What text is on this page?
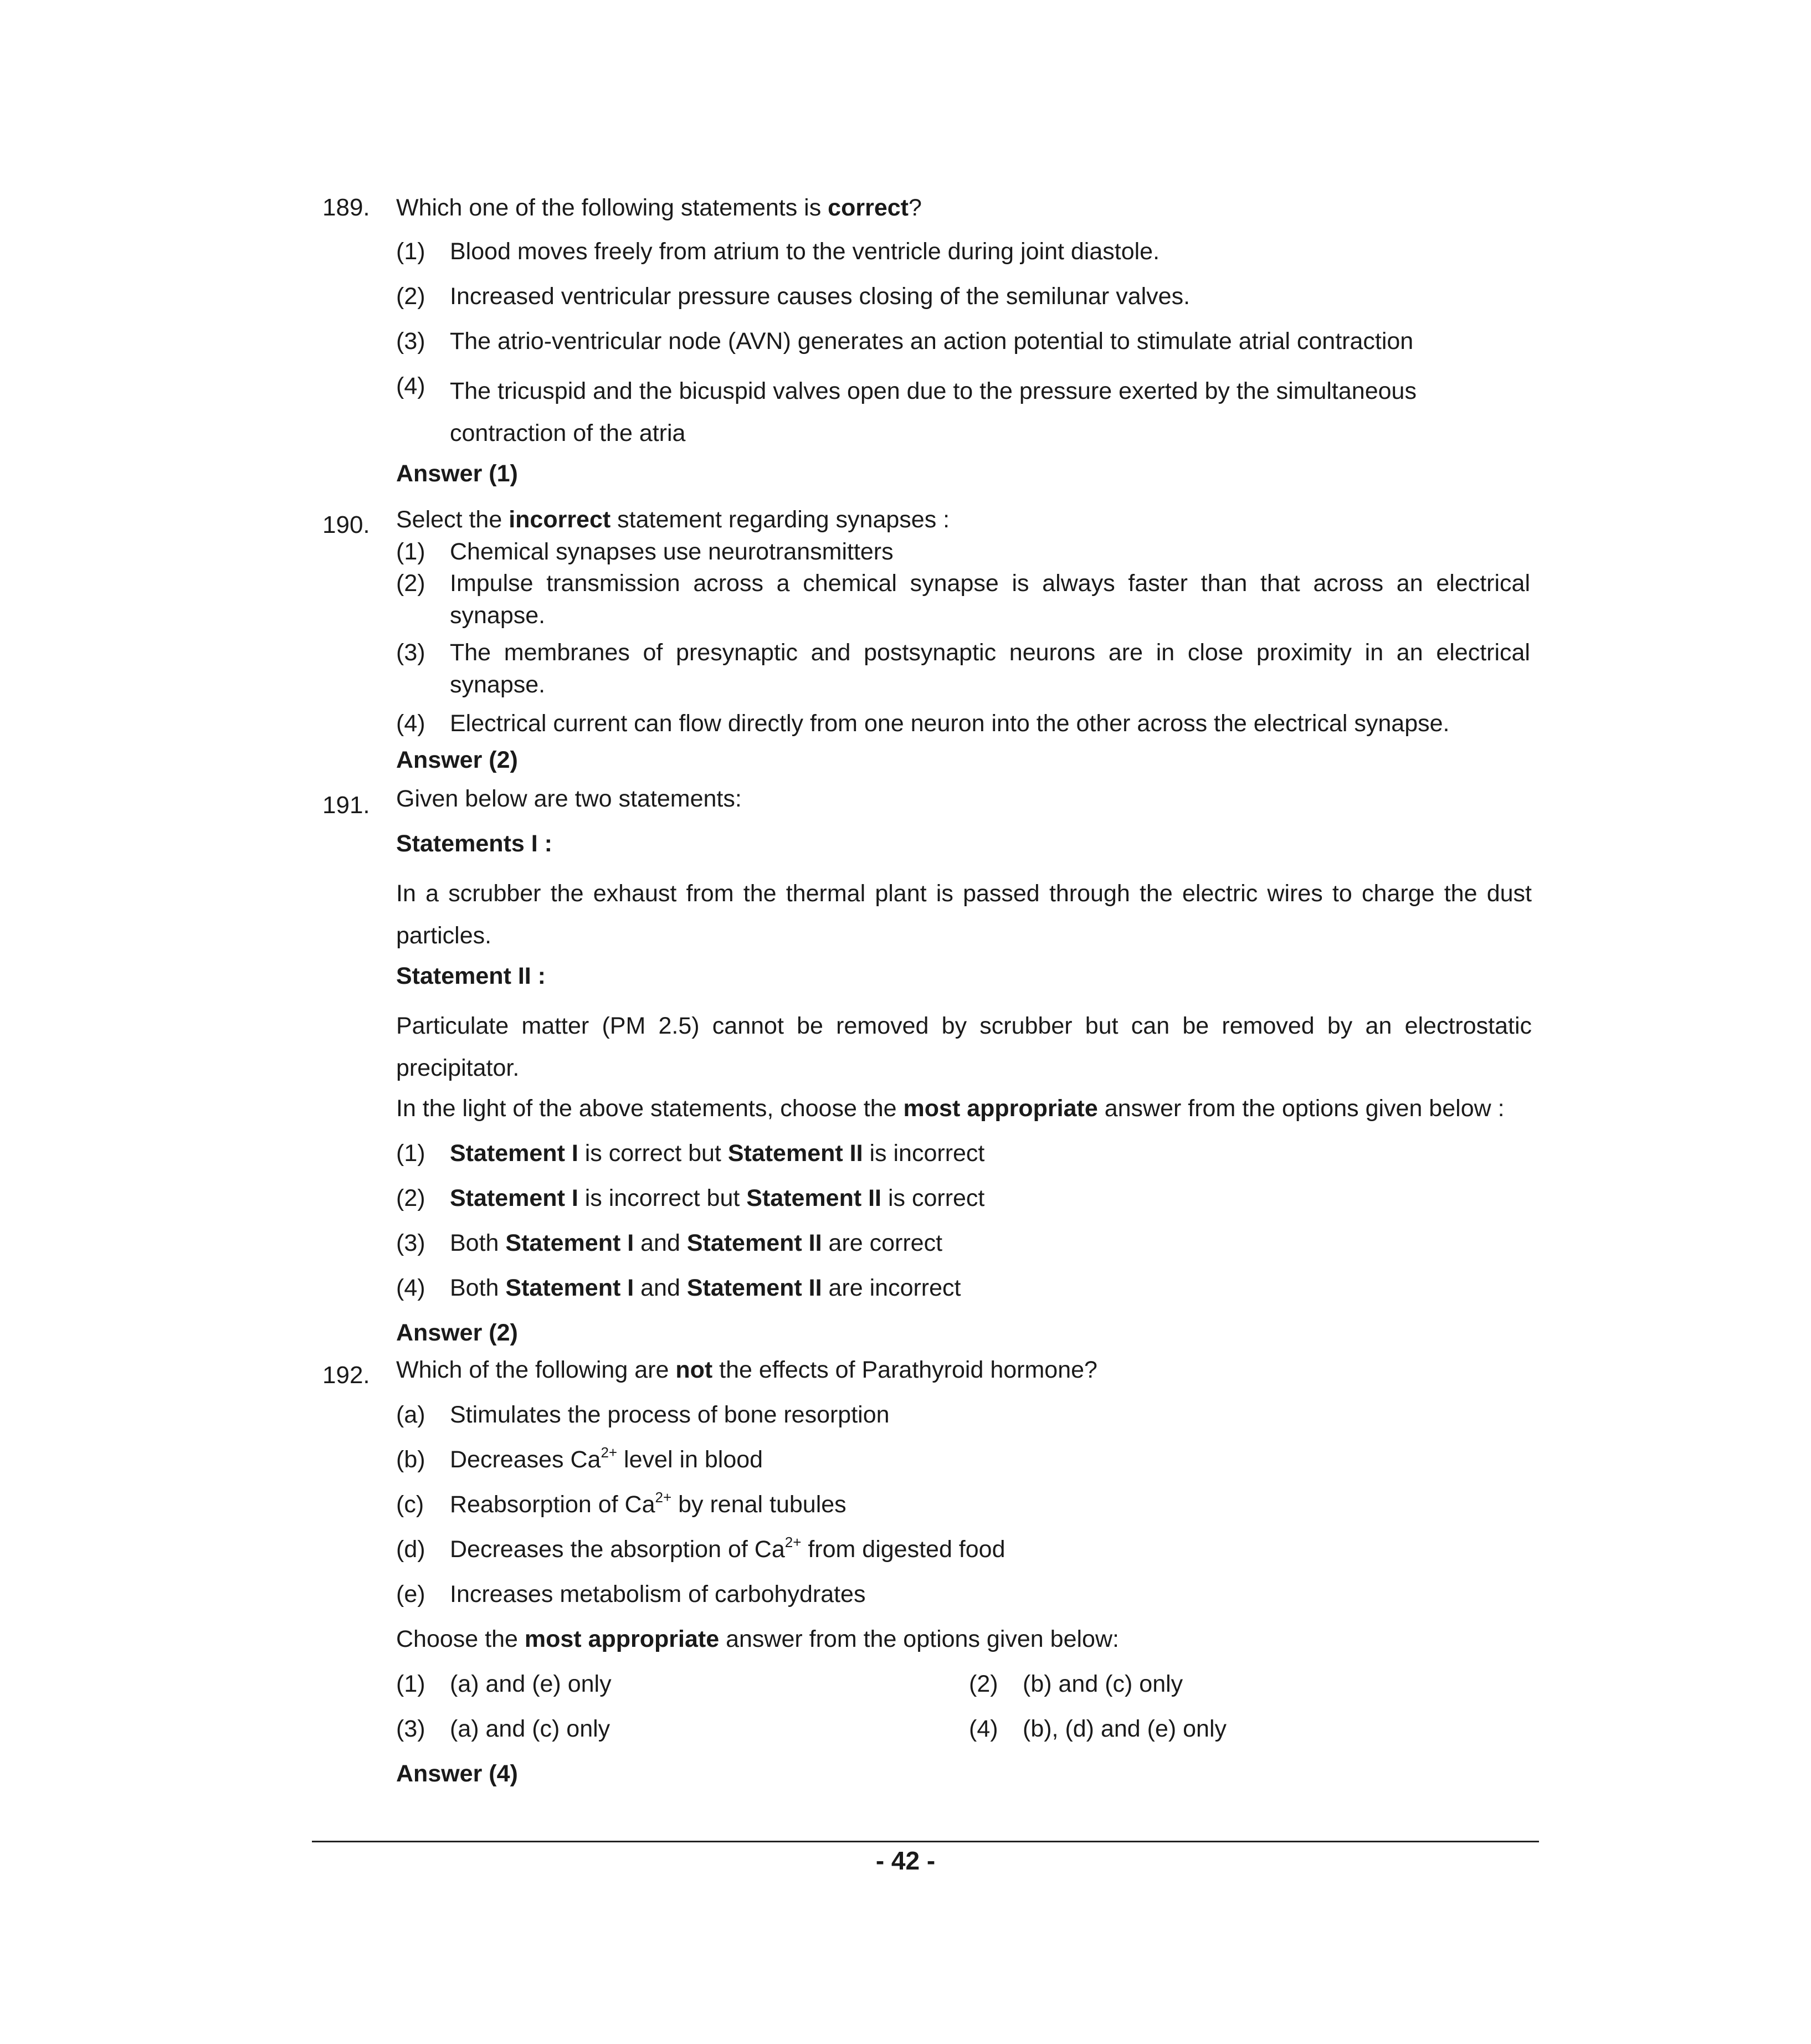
189. Which one of the following statements is correct?
(1) Blood moves freely from atrium to the ventricle during joint diastole.
(2) Increased ventricular pressure causes closing of the semilunar valves.
(3) The atrio-ventricular node (AVN) generates an action potential to stimulate atrial contraction
(4) The tricuspid and the bicuspid valves open due to the pressure exerted by the simultaneous contraction of the atria
Answer (1)
190. Select the incorrect statement regarding synapses :
(1) Chemical synapses use neurotransmitters
(2) Impulse transmission across a chemical synapse is always faster than that across an electrical synapse.
(3) The membranes of presynaptic and postsynaptic neurons are in close proximity in an electrical synapse.
(4) Electrical current can flow directly from one neuron into the other across the electrical synapse.
Answer (2)
191. Given below are two statements:
Statements I :
In a scrubber the exhaust from the thermal plant is passed through the electric wires to charge the dust particles.
Statement II :
Particulate matter (PM 2.5) cannot be removed by scrubber but can be removed by an electrostatic precipitator.
In the light of the above statements, choose the most appropriate answer from the options given below :
(1) Statement I is correct but Statement II is incorrect
(2) Statement I is incorrect but Statement II is correct
(3) Both Statement I and Statement II are correct
(4) Both Statement I and Statement II are incorrect
Answer (2)
192. Which of the following are not the effects of Parathyroid hormone?
(a) Stimulates the process of bone resorption
(b) Decreases $Ca^{2+}$ level in blood
(c) Reabsorption of $Ca^{2+}$ by renal tubules
(d) Decreases the absorption of $Ca^{2+}$ from digested food
(e) Increases metabolism of carbohydrates
Choose the most appropriate answer from the options given below:
(1) (a) and (e) only	(2) (b) and (c) only
(3) (a) and (c) only	(4) (b), (d) and (e) only
Answer (4)
- 42 -
